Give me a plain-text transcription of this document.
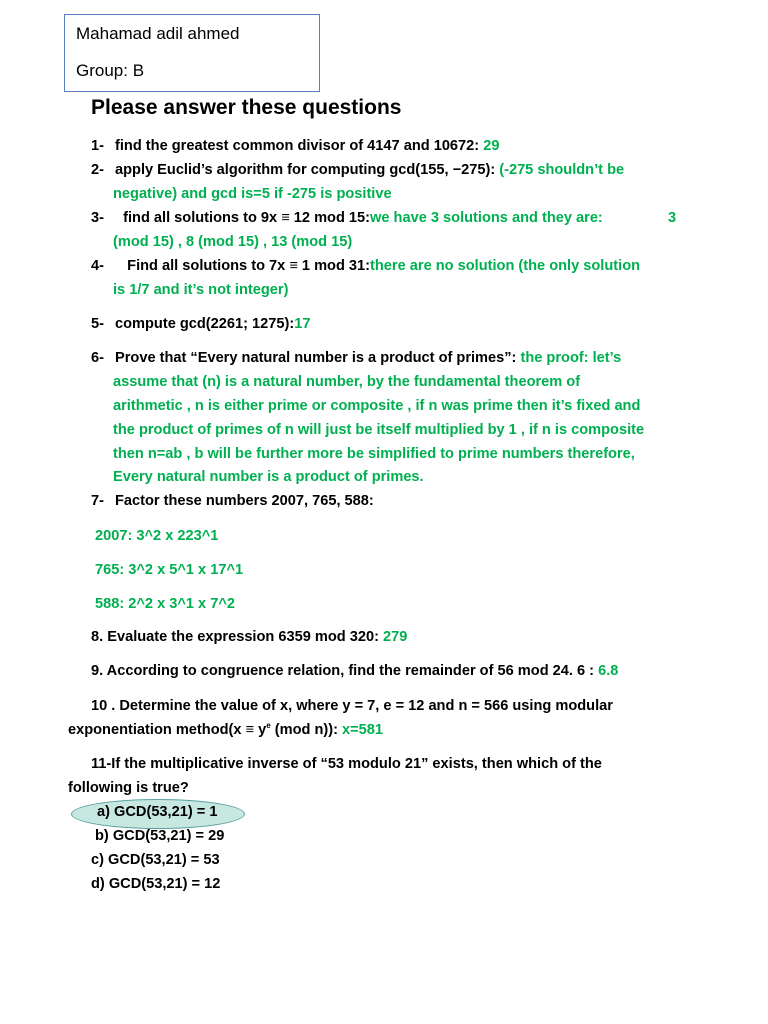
Mahamad adil ahmed
Group: B
Please answer these questions
1- find the greatest common divisor of 4147 and 10672: 29
2- apply Euclid’s algorithm for computing gcd(155, −275): (-275 shouldn’t be
negative) and gcd is=5 if -275 is positive
3-  find all solutions to 9x ≡ 12 mod 15:we have 3 solutions and they are:	3
(mod 15) , 8 (mod 15) , 13 (mod 15)
4-   Find all solutions to 7x ≡ 1 mod 31:there are no solution (the only solution
is 1/7 and it’s not integer)
5- compute gcd(2261; 1275):17
6- Prove that “Every natural number is a product of primes”: the proof: let’s
assume that (n) is a natural number, by the fundamental theorem of
arithmetic , n is either prime or composite , if n was prime then it’s fixed and
the product of primes of n will just be itself multiplied by 1 , if n is composite
then n=ab , b will be further more be simplified to prime numbers therefore,
Every natural number is a product of primes.
7- Factor these numbers 2007, 765, 588:
2007: 3^2 x 223^1
765: 3^2 x 5^1 x 17^1
588: 2^2 x 3^1 x 7^2
8. Evaluate the expression 6359 mod 320: 279
9. According to congruence relation, find the remainder of 56 mod 24. 6 : 6.8
10 . Determine the value of x, where y = 7, e = 12 and n = 566 using modular
exponentiation method(x ≡ $y^e$ (mod n)): x=581
11-If the multiplicative inverse of “53 modulo 21” exists, then which of the
following is true?
a) GCD(53,21) = 1
b) GCD(53,21) = 29
c) GCD(53,21) = 53
d) GCD(53,21) = 12
